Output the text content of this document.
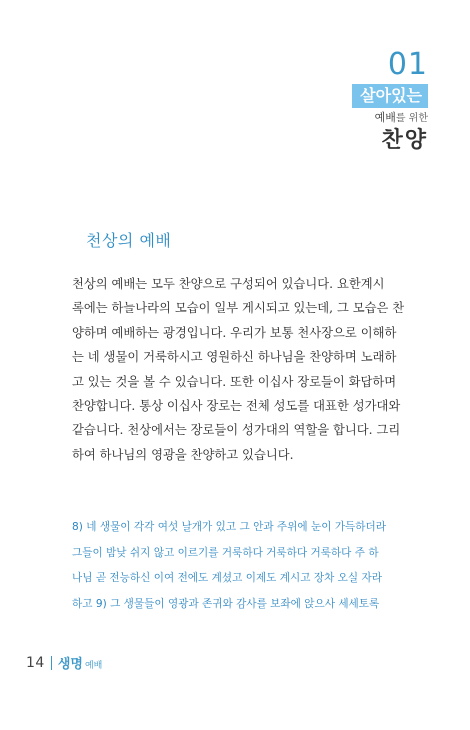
01
살아있는
예배를 위한
찬양
천상의 예배
천상의 예배는 모두 찬양으로 구성되어 있습니다. 요한계시
록에는 하늘나라의 모습이 일부 게시되고 있는데, 그 모습은 찬
양하며 예배하는 광경입니다. 우리가 보통 천사장으로 이해하
는 네 생물이 거룩하시고 영원하신 하나님을 찬양하며 노래하
고 있는 것을 볼 수 있습니다. 또한 이십사 장로들이 화답하며
찬양합니다. 통상 이십사 장로는 전체 성도를 대표한 성가대와
같습니다. 천상에서는 장로들이 성가대의 역할을 합니다. 그리
하여 하나님의 영광을 찬양하고 있습니다.
8) 네 생물이 각각 여섯 날개가 있고 그 안과 주위에 눈이 가득하더라
그들이 밤낮 쉬지 않고 이르기를 거룩하다 거룩하다 거룩하다 주 하
나님 곧 전능하신 이여 전에도 계셨고 이제도 계시고 장차 오실 자라
하고 9) 그 생물들이 영광과 존귀와 감사를 보좌에 앉으사 세세토록
14 생명 예배
